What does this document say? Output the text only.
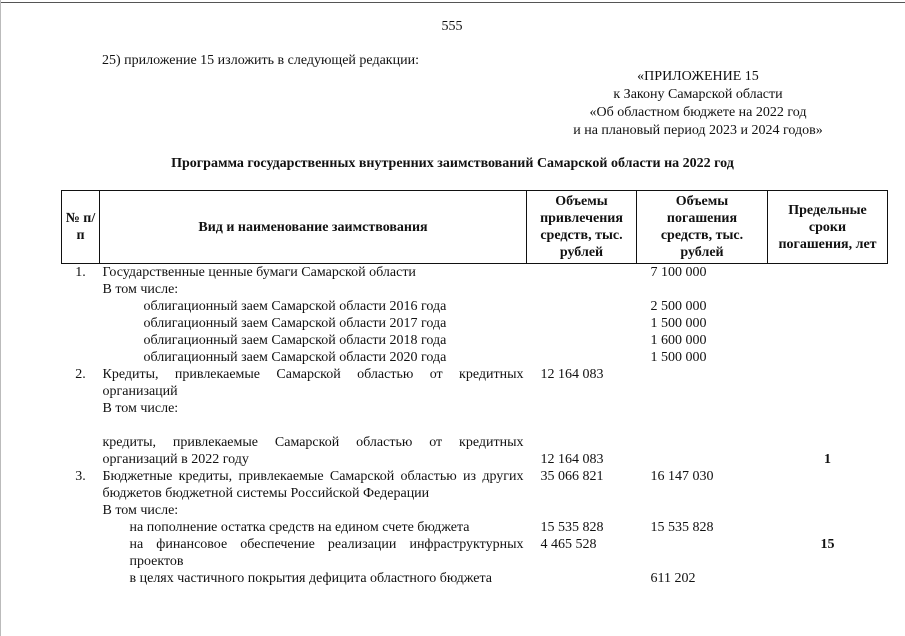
555
25) приложение 15 изложить в следующей редакции:
«ПРИЛОЖЕНИЕ 15
к Закону Самарской области
«Об областном бюджете на 2022 год
и на плановый период 2023 и 2024 годов»
Программа государственных внутренних заимствований Самарской области на 2022 год
№ п/п	Вид и наименование заимствования	Объемы привлечения средств, тыс. рублей	Объемы погашения средств, тыс. рублей	Предельные сроки погашения, лет
1.	Государственные ценные бумаги Самарской области		7 100 000	
	В том числе:			
	облигационный заем Самарской области 2016 года		2 500 000	
	облигационный заем Самарской области 2017 года		1 500 000	
	облигационный заем Самарской области 2018 года		1 600 000	
	облигационный заем Самарской области 2020 года		1 500 000	
2.	Кредиты, привлекаемые Самарской областью от кредитных организаций	12 164 083		
	В том числе:			
	кредиты, привлекаемые Самарской областью от кредитных организаций в 2022 году	12 164 083		1
3.	Бюджетные кредиты, привлекаемые Самарской областью из других бюджетов бюджетной системы Российской Федерации	35 066 821	16 147 030	
	В том числе:			
	на пополнение остатка средств на едином счете бюджета	15 535 828	15 535 828	
	на финансовое обеспечение реализации инфраструктурных проектов	4 465 528		15
	в целях частичного покрытия дефицита областного бюджета		611 202	
